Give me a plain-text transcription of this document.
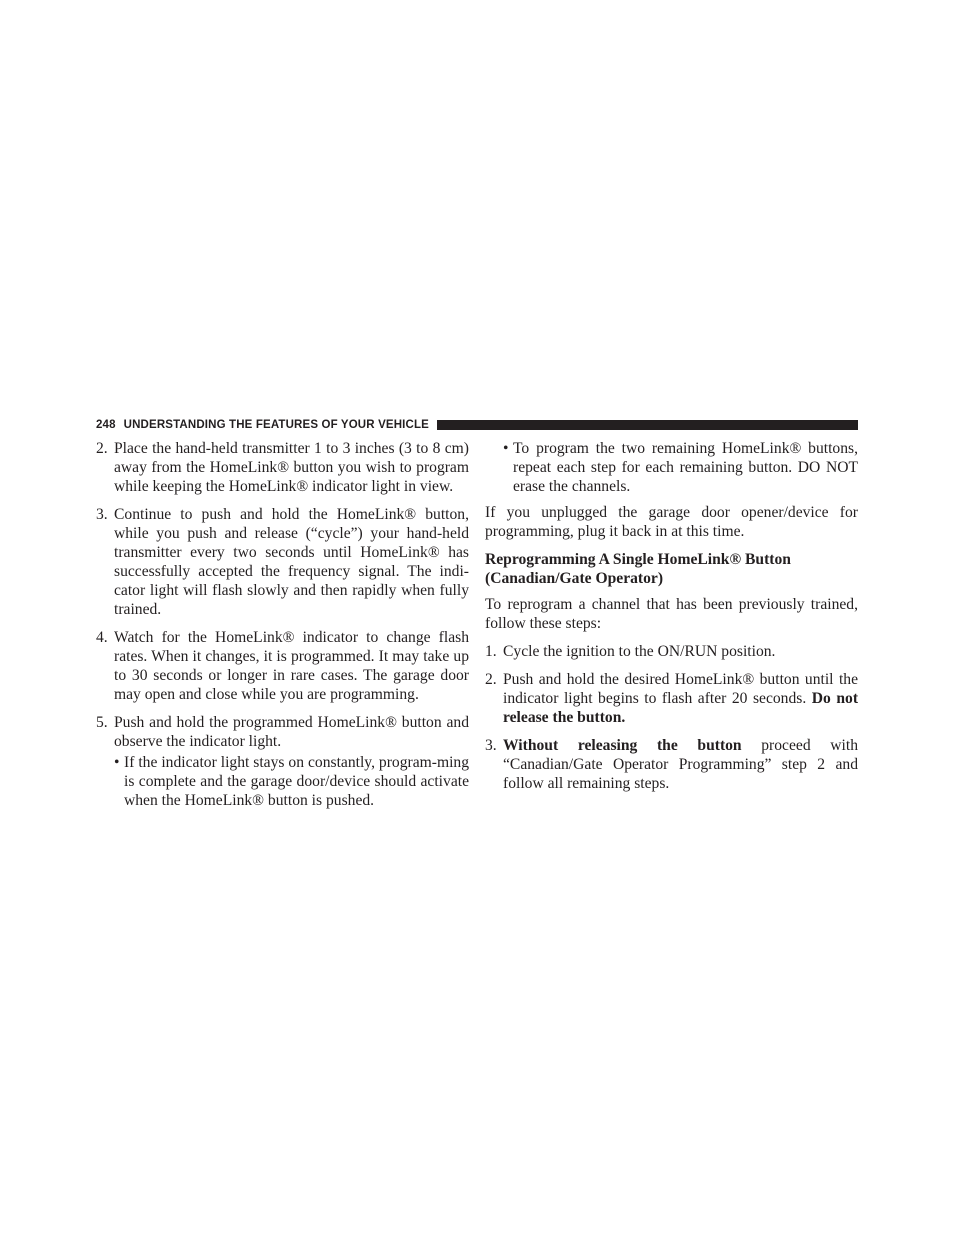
248 UNDERSTANDING THE FEATURES OF YOUR VEHICLE
2. Place the hand-held transmitter 1 to 3 inches (3 to 8 cm) away from the HomeLink® button you wish to program while keeping the HomeLink® indicator light in view.
3. Continue to push and hold the HomeLink® button, while you push and release (“cycle”) your hand-held transmitter every two seconds until HomeLink® has successfully accepted the frequency signal. The indi-cator light will flash slowly and then rapidly when fully trained.
4. Watch for the HomeLink® indicator to change flash rates. When it changes, it is programmed. It may take up to 30 seconds or longer in rare cases. The garage door may open and close while you are programming.
5. Push and hold the programmed HomeLink® button and observe the indicator light.
• If the indicator light stays on constantly, program-ming is complete and the garage door/device should activate when the HomeLink® button is pushed.
• To program the two remaining HomeLink® buttons, repeat each step for each remaining button. DO NOT erase the channels.

If you unplugged the garage door opener/device for programming, plug it back in at this time.

Reprogramming A Single HomeLink® Button (Canadian/Gate Operator)

To reprogram a channel that has been previously trained, follow these steps:

1. Cycle the ignition to the ON/RUN position.
2. Push and hold the desired HomeLink® button until the indicator light begins to flash after 20 seconds. Do not release the button.
3. Without releasing the button proceed with “Canadian/Gate Operator Programming” step 2 and follow all remaining steps.
